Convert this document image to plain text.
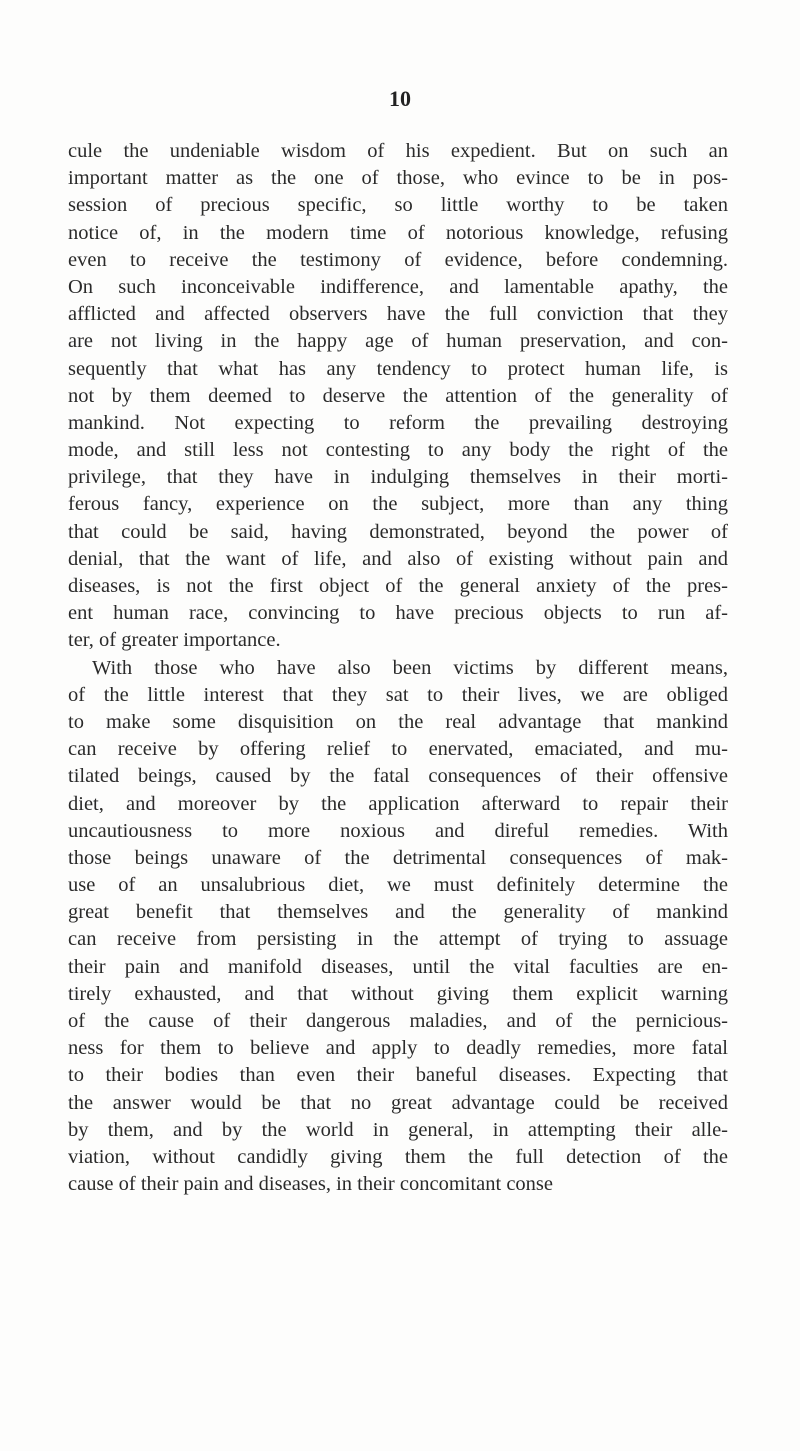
10
cule the undeniable wisdom of his expedient. But on such an
important matter as the one of those, who evince to be in pos-
session of precious specific, so little worthy to be taken
notice of, in the modern time of notorious knowledge, refusing
even to receive the testimony of evidence, before condemning.
On such inconceivable indifference, and lamentable apathy, the
afflicted and affected observers have the full conviction that they
are not living in the happy age of human preservation, and con-
sequently that what has any tendency to protect human life, is
not by them deemed to deserve the attention of the generality of
mankind. Not expecting to reform the prevailing destroying
mode, and still less not contesting to any body the right of the
privilege, that they have in indulging themselves in their morti-
ferous fancy, experience on the subject, more than any thing
that could be said, having demonstrated, beyond the power of
denial, that the want of life, and also of existing without pain and
diseases, is not the first object of the general anxiety of the pres-
ent human race, convincing to have precious objects to run af-
ter, of greater importance.
With those who have also been victims by different means,
of the little interest that they sat to their lives, we are obliged
to make some disquisition on the real advantage that mankind
can receive by offering relief to enervated, emaciated, and mu-
tilated beings, caused by the fatal consequences of their offensive
diet, and moreover by the application afterward to repair their
uncautiousness to more noxious and direful remedies. With
those beings unaware of the detrimental consequences of mak-
use of an unsalubrious diet, we must definitely determine the
great benefit that themselves and the generality of mankind
can receive from persisting in the attempt of trying to assuage
their pain and manifold diseases, until the vital faculties are en-
tirely exhausted, and that without giving them explicit warning
of the cause of their dangerous maladies, and of the pernicious-
ness for them to believe and apply to deadly remedies, more fatal
to their bodies than even their baneful diseases. Expecting that
the answer would be that no great advantage could be received
by them, and by the world in general, in attempting their alle-
viation, without candidly giving them the full detection of the
cause of their pain and diseases, in their concomitant conse
